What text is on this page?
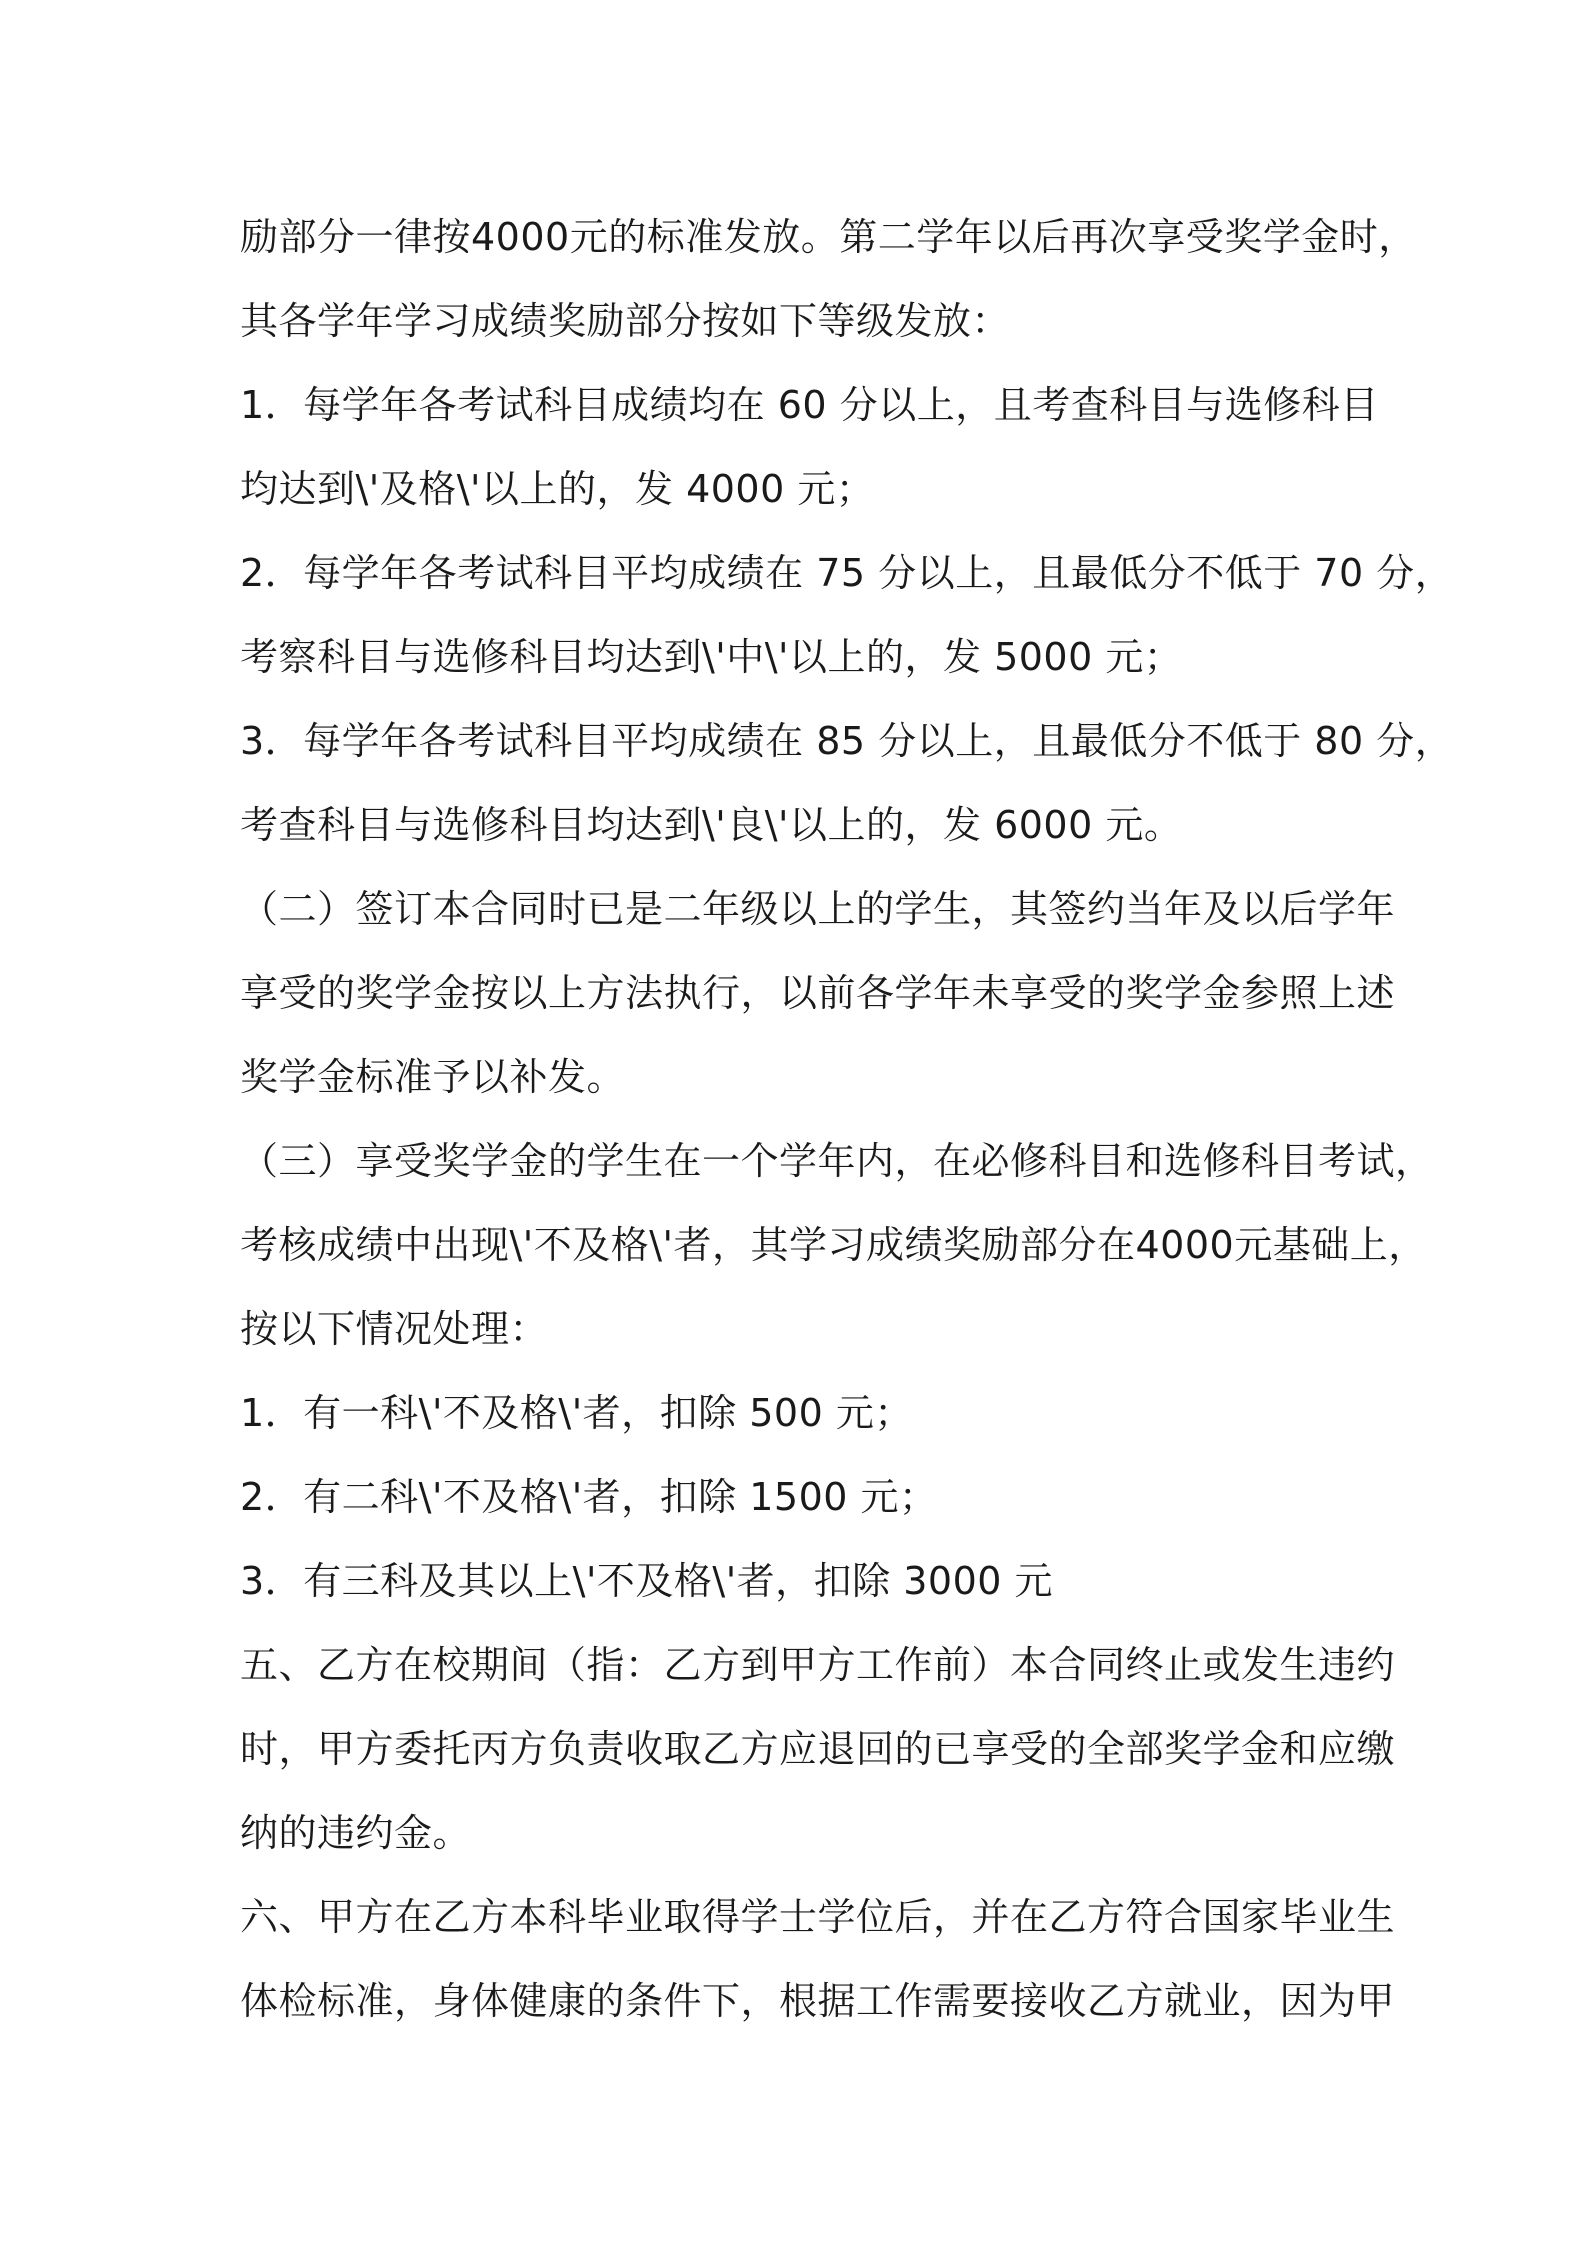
励部分一律按4000元的标准发放。第二学年以后再次享受奖学金时，
其各学年学习成绩奖励部分按如下等级发放：
1．每学年各考试科目成绩均在 60 分以上，且考查科目与选修科目
均达到\'及格\'以上的，发 4000 元；
2．每学年各考试科目平均成绩在 75 分以上，且最低分不低于 70 分，
考察科目与选修科目均达到\'中\'以上的，发 5000 元；
3．每学年各考试科目平均成绩在 85 分以上，且最低分不低于 80 分，
考查科目与选修科目均达到\'良\'以上的，发 6000 元。
（二）签订本合同时已是二年级以上的学生，其签约当年及以后学年
享受的奖学金按以上方法执行，以前各学年未享受的奖学金参照上述
奖学金标准予以补发。
（三）享受奖学金的学生在一个学年内，在必修科目和选修科目考试，
考核成绩中出现\'不及格\'者，其学习成绩奖励部分在4000元基础上，
按以下情况处理：
1．有一科\'不及格\'者，扣除 500 元；
2．有二科\'不及格\'者，扣除 1500 元；
3．有三科及其以上\'不及格\'者，扣除 3000 元
五、乙方在校期间（指：乙方到甲方工作前）本合同终止或发生违约
时，甲方委托丙方负责收取乙方应退回的已享受的全部奖学金和应缴
纳的违约金。
六、甲方在乙方本科毕业取得学士学位后，并在乙方符合国家毕业生
体检标准，身体健康的条件下，根据工作需要接收乙方就业，因为甲
